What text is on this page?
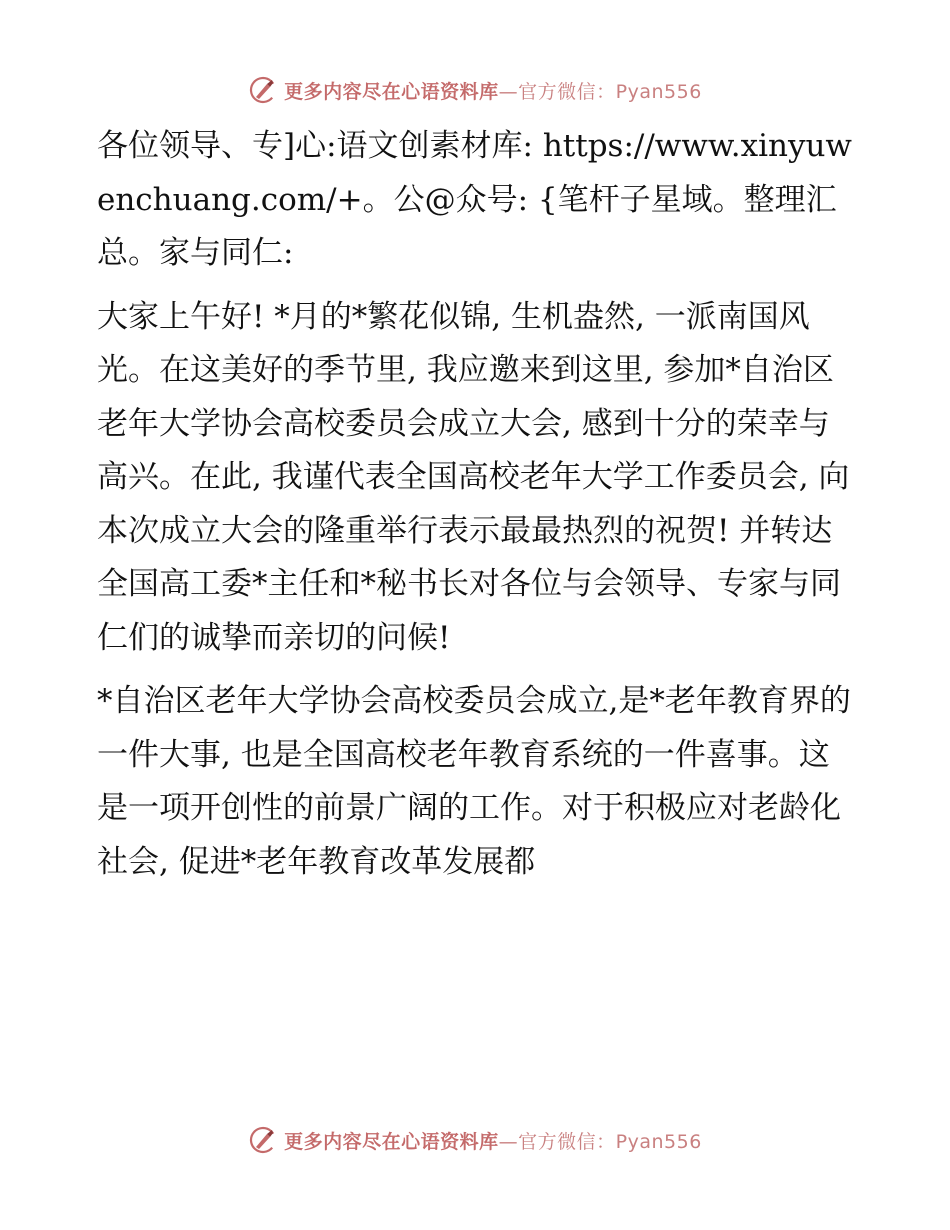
更多内容尽在心语资料库—官方微信：Pyan556

各位领导、专]心:语文创素材库: https://www.xinyuwenchuang.com/+。公@众号: {笔杆子星域。整理汇总。家与同仁:

大家上午好! *月的*繁花似锦, 生机盎然, 一派南国风光。在这美好的季节里, 我应邀来到这里, 参加*自治区老年大学协会高校委员会成立大会, 感到十分的荣幸与高兴。在此, 我谨代表全国高校老年大学工作委员会, 向本次成立大会的隆重举行表示最最热烈的祝贺! 并转达全国高工委*主任和*秘书长对各位与会领导、专家与同仁们的诚挚而亲切的问候!

*自治区老年大学协会高校委员会成立,是*老年教育界的一件大事, 也是全国高校老年教育系统的一件喜事。这是一项开创性的前景广阔的工作。对于积极应对老龄化社会, 促进*老年教育改革发展都

更多内容尽在心语资料库—官方微信：Pyan556
